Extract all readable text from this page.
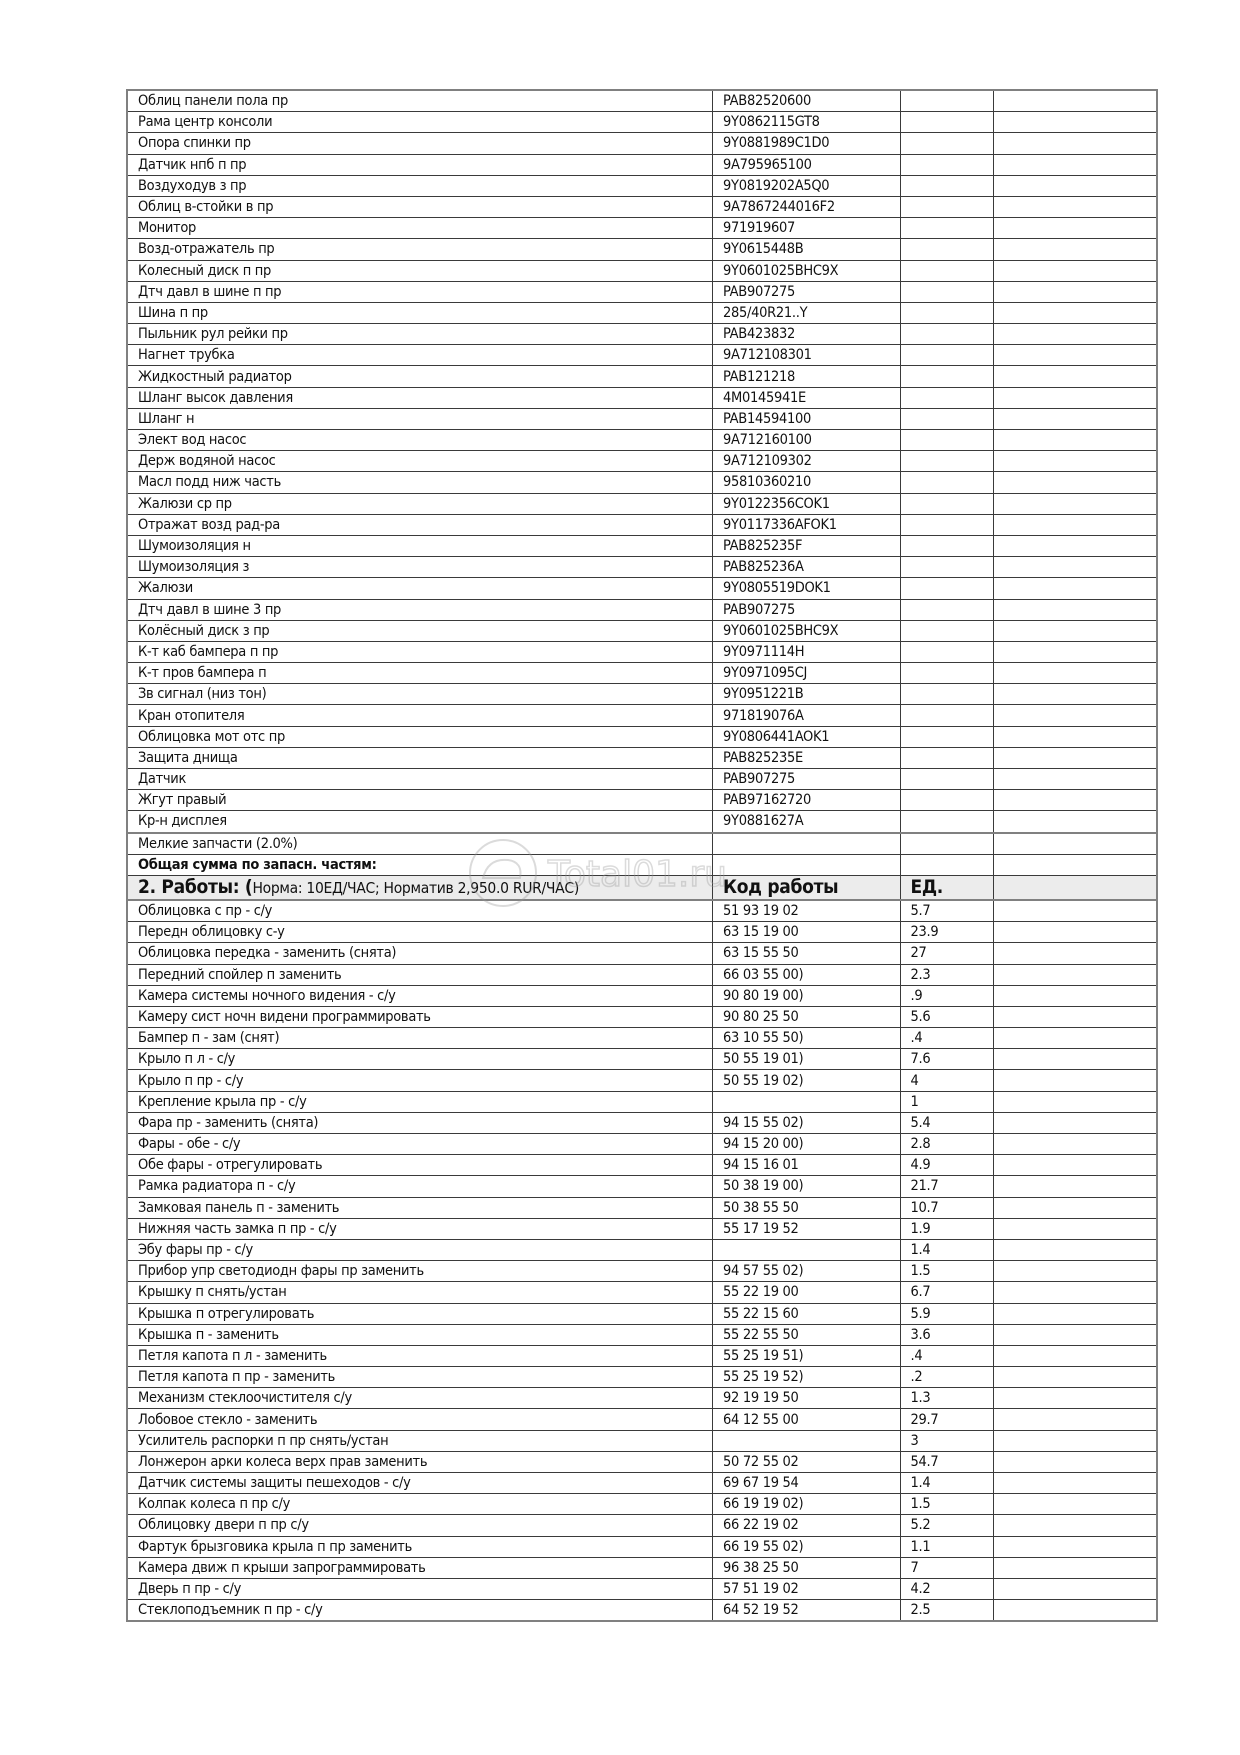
Облиц панели пола пр	PAB82520600		
Рама центр консоли	9Y0862115GT8		
Опора спинки пр	9Y0881989C1D0		
Датчик нпб п пр	9A795965100		
Воздуходув з пр	9Y0819202A5Q0		
Облиц в-стойки в пр	9A7867244016F2		
Монитор	971919607		
Возд-отражатель пр	9Y0615448B		
Колесный диск п пр	9Y0601025BHC9X		
Дтч давл в шине п пр	PAB907275		
Шина п пр	285/40R21..Y		
Пыльник рул рейки пр	PAB423832		
Нагнет трубка	9A712108301		
Жидкостный радиатор	PAB121218		
Шланг высок давления	4M0145941E		
Шланг н	PAB14594100		
Элект вод насос	9A712160100		
Держ водяной насос	9A712109302		
Масл подд ниж часть	95810360210		
Жалюзи ср пр	9Y0122356COK1		
Отражат возд рад-ра	9Y0117336AFOK1		
Шумоизоляция н	PAB825235F		
Шумоизоляция з	PAB825236A		
Жалюзи	9Y0805519DOK1		
Дтч давл в шине 3 пр	PAB907275		
Колёсный диск з пр	9Y0601025BHC9X		
К-т каб бампера п пр	9Y0971114H		
К-т пров бампера п	9Y0971095CJ		
Зв сигнал (низ тон)	9Y0951221B		
Кран отопителя	971819076A		
Облицовка мот отс пр	9Y0806441AOK1		
Защита днища	PAB825235E		
Датчик	PAB907275		
Жгут правый	PAB97162720		
Кр-н дисплея	9Y0881627A		
Мелкие запчасти (2.0%)			
Общая сумма по запасн. частям:			
2. Работы: (Норма: 10ЕД/ЧАС; Норматив 2,950.0 RUR/ЧАС)	Код работы	ЕД.	
Облицовка с пр - с/у	51 93 19 02	5.7	
Передн облицовку с-у	63 15 19 00	23.9	
Облицовка передка - заменить (снята)	63 15 55 50	27	
Передний спойлер п заменить	66 03 55 00)	2.3	
Камера системы ночного видения - с/у	90 80 19 00)	.9	
Камеру сист ночн видени программировать	90 80 25 50	5.6	
Бампер п - зам (снят)	63 10 55 50)	.4	
Крыло п л - с/у	50 55 19 01)	7.6	
Крыло п пр - с/у	50 55 19 02)	4	
Крепление крыла пр - с/у		1	
Фара пр - заменить (снята)	94 15 55 02)	5.4	
Фары - обе - с/у	94 15 20 00)	2.8	
Обе фары - отрегулировать	94 15 16 01	4.9	
Рамка радиатора п - с/у	50 38 19 00)	21.7	
Замковая панель п - заменить	50 38 55 50	10.7	
Нижняя часть замка п пр - с/у	55 17 19 52	1.9	
Эбу фары пр - с/у		1.4	
Прибор упр светодиодн фары пр заменить	94 57 55 02)	1.5	
Крышку п снять/устан	55 22 19 00	6.7	
Крышка п отрегулировать	55 22 15 60	5.9	
Крышка п - заменить	55 22 55 50	3.6	
Петля капота п л - заменить	55 25 19 51)	.4	
Петля капота п пр - заменить	55 25 19 52)	.2	
Механизм стеклоочистителя с/у	92 19 19 50	1.3	
Лобовое стекло - заменить	64 12 55 00	29.7	
Усилитель распорки п пр снять/устан		3	
Лонжерон арки колеса верх прав заменить	50 72 55 02	54.7	
Датчик системы защиты пешеходов - с/у	69 67 19 54	1.4	
Колпак колеса п пр с/у	66 19 19 02)	1.5	
Облицовку двери п пр с/у	66 22 19 02	5.2	
Фартук брызговика крыла п пр заменить	66 19 55 02)	1.1	
Камера движ п крыши запрограммировать	96 38 25 50	7	
Дверь п пр - с/у	57 51 19 02	4.2	
Стеклоподъемник п пр - с/у	64 52 19 52	2.5	
Total01.ru
